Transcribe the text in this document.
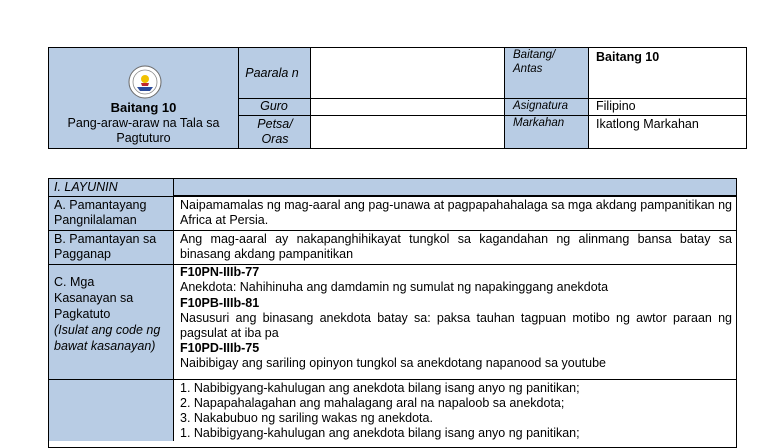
Baitang 10
Pang-araw-araw na Tala sa Pagtuturo
Paarala n
Guro
Petsa/ Oras
Baitang/ Antas
Baitang 10
Asignatura	Filipino
Markahan	Ikatlong Markahan
I. LAYUNIN
A. Pamantayang Pangnilalaman
Naipamamalas ng mag-aaral ang pag-unawa at pagpapahahalaga sa mga akdang pampanitikan ng Africa at Persia.
B. Pamantayan sa Pagganap
Ang mag-aaral ay nakapanghihikayat tungkol sa kagandahan ng alinmang bansa batay sa binasang akdang pampanitikan
C. Mga Kasanayan sa Pagkatuto
(Isulat ang code ng bawat kasanayan)
F10PN-IIIb-77
Anekdota: Nahihinuha ang damdamin ng sumulat ng napakinggang anekdota
F10PB-IIIb-81
Nasusuri ang binasang anekdota batay sa: paksa tauhan tagpuan motibo ng awtor paraan ng pagsulat at iba pa
F10PD-IIIb-75
Naibibigay ang sariling opinyon tungkol sa anekdotang napanood sa youtube
1. Nabibigyang-kahulugan ang anekdota bilang isang anyo ng panitikan;
2. Napapahalagahan ang mahalagang aral na napaloob sa anekdota;
3. Nakabubuo ng sariling wakas ng anekdota.
1. Nabibigyang-kahulugan ang anekdota bilang isang anyo ng panitikan;
